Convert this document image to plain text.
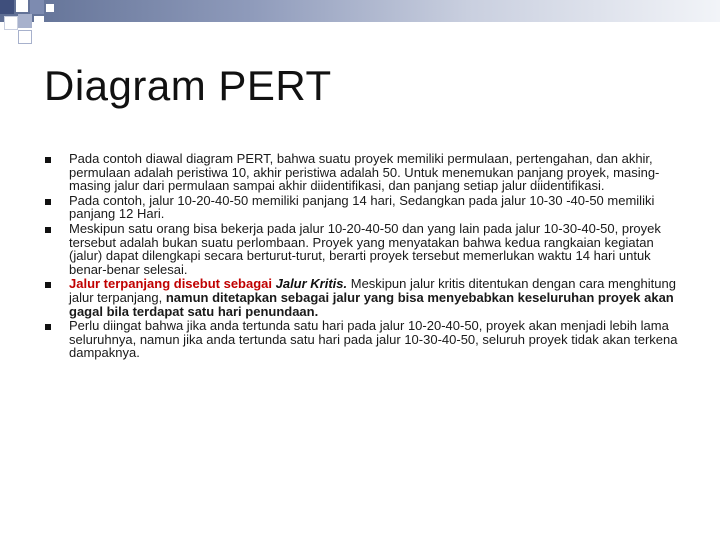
Diagram PERT
Pada contoh diawal diagram PERT, bahwa suatu proyek memiliki permulaan, pertengahan, dan akhir, permulaan adalah peristiwa 10, akhir peristiwa adalah 50. Untuk menemukan panjang proyek, masing-masing jalur dari permulaan sampai akhir diidentifikasi, dan panjang setiap jalur diidentifikasi.
Pada contoh, jalur 10-20-40-50 memiliki panjang 14 hari, Sedangkan pada jalur 10-30 -40-50 memiliki panjang 12 Hari.
Meskipun satu orang bisa bekerja pada jalur 10-20-40-50 dan yang lain pada jalur 10-30-40-50, proyek tersebut adalah bukan suatu perlombaan. Proyek yang menyatakan bahwa kedua rangkaian kegiatan (jalur) dapat dilengkapi secara berturut-turut, berarti proyek tersebut memerlukan waktu 14 hari untuk benar-benar selesai.
Jalur terpanjang disebut sebagai Jalur Kritis. Meskipun jalur kritis ditentukan dengan cara menghitung jalur terpanjang, namun ditetapkan sebagai jalur yang bisa menyebabkan keseluruhan proyek akan gagal bila terdapat satu hari penundaan.
Perlu diingat bahwa jika anda tertunda satu hari pada jalur 10-20-40-50, proyek akan menjadi lebih lama seluruhnya, namun jika anda tertunda satu hari pada jalur 10-30-40-50, seluruh proyek tidak akan terkena dampaknya.
